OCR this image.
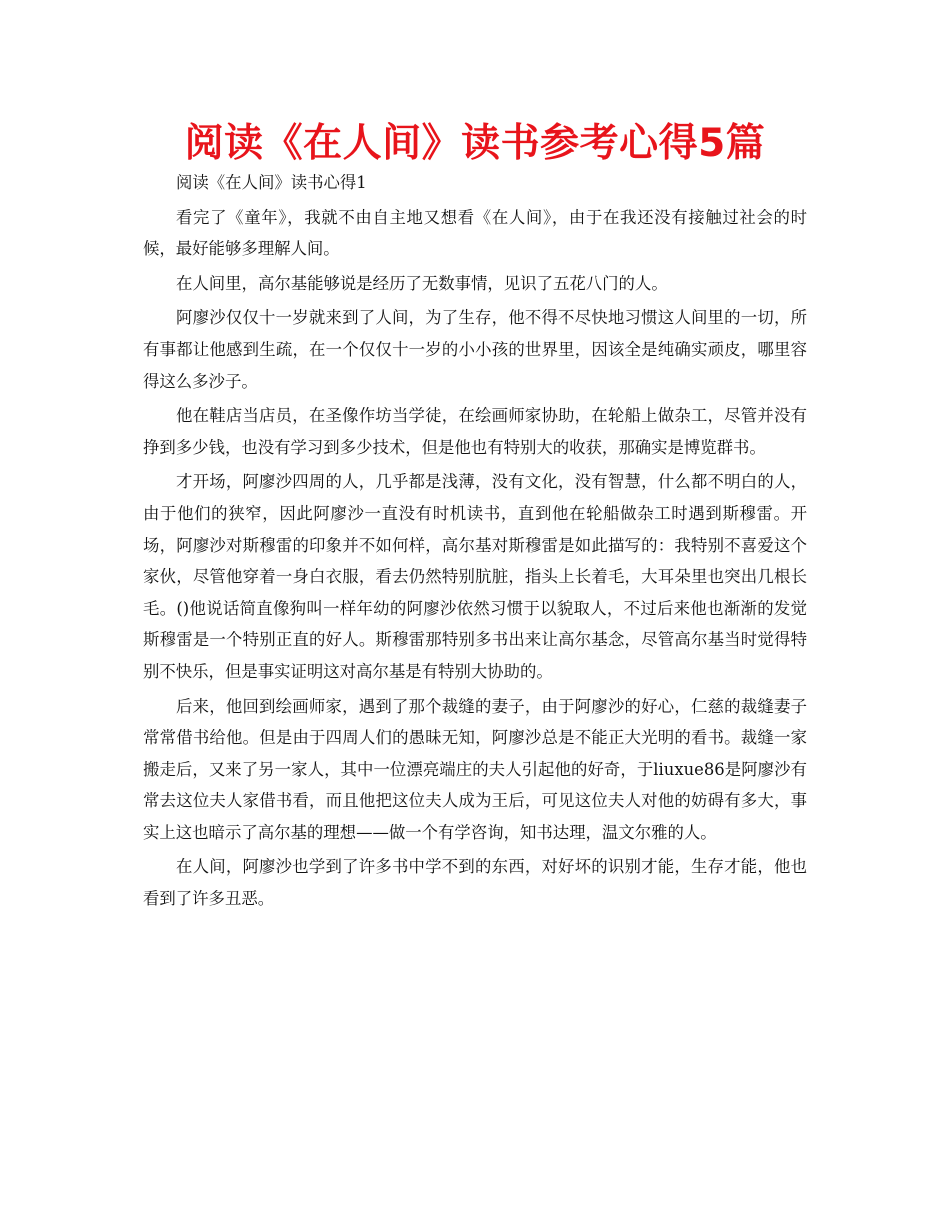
阅读《在人间》读书参考心得5篇

阅读《在人间》读书心得1

看完了《童年》，我就不由自主地又想看《在人间》，由于在我还没有接触过社会的时候，最好能够多理解人间。

在人间里，高尔基能够说是经历了无数事情，见识了五花八门的人。

阿廖沙仅仅十一岁就来到了人间，为了生存，他不得不尽快地习惯这人间里的一切，所有事都让他感到生疏，在一个仅仅十一岁的小小孩的世界里，因该全是纯确实顽皮，哪里容得这么多沙子。

他在鞋店当店员，在圣像作坊当学徒，在绘画师家协助，在轮船上做杂工，尽管并没有挣到多少钱，也没有学习到多少技术，但是他也有特别大的收获，那确实是博览群书。

才开场，阿廖沙四周的人，几乎都是浅薄，没有文化，没有智慧，什么都不明白的人，由于他们的狭窄，因此阿廖沙一直没有时机读书，直到他在轮船做杂工时遇到斯穆雷。开场，阿廖沙对斯穆雷的印象并不如何样，高尔基对斯穆雷是如此描写的：我特别不喜爱这个家伙，尽管他穿着一身白衣服，看去仍然特别肮脏，指头上长着毛，大耳朵里也突出几根长毛。()他说话简直像狗叫一样年幼的阿廖沙依然习惯于以貌取人，不过后来他也渐渐的发觉斯穆雷是一个特别正直的好人。斯穆雷那特别多书出来让高尔基念，尽管高尔基当时觉得特别不快乐，但是事实证明这对高尔基是有特别大协助的。

后来，他回到绘画师家，遇到了那个裁缝的妻子，由于阿廖沙的好心，仁慈的裁缝妻子常常借书给他。但是由于四周人们的愚昧无知，阿廖沙总是不能正大光明的看书。裁缝一家搬走后，又来了另一家人，其中一位漂亮端庄的夫人引起他的好奇，于liuxue86是阿廖沙有常去这位夫人家借书看，而且他把这位夫人成为王后，可见这位夫人对他的妨碍有多大，事实上这也暗示了高尔基的理想——做一个有学咨询，知书达理，温文尔雅的人。

在人间，阿廖沙也学到了许多书中学不到的东西，对好坏的识别才能，生存才能，他也看到了许多丑恶。
